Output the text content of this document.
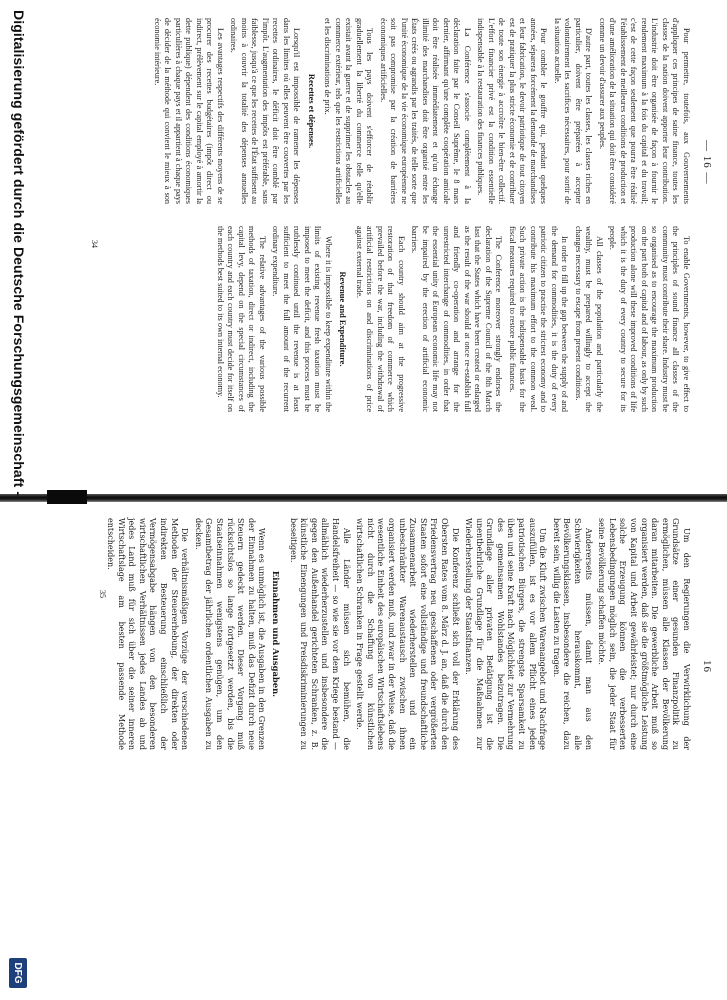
— 16 —

Pour permettre, toutefois, aux Gouvernements d'appliquer ces principes de saine finance, toutes les classes de la nation doivent apporter leur contribution. L'industrie doit être organisée de façon à fournir le rendement maximum à la fois du capital et du travail; c'est de cette façon seulement que pourra être réalisé l'établissement de meilleures conditions de production et d'une amélioration de la situation qui doit être considéré comme un devoir d'assurer aux peuples.

D'autre part, toutes les classes, les classes riches en particulier, doivent être préparées à accepter volontairement les sacrifices nécessaires, pour sortir de la situation actuelle.

Pour combler le gouffre qui, pendant quelques années, séparera forcément la demande de marchandises et leur fabrication, le devoir patriotique de tout citoyen est de pratiquer la plus stricte économie et de contribuer de toute son énergie à accroître le bien-être collectif. L'effort financier privé est la condition essentielle indispensable à la restauration des finances publiques.

La Conférence s'associe complètement à la déclaration faite par le Conseil Suprême, le 8 mars dernier, affirmant qu'une complète coopération amicale doit être réalisée immédiatement et qu'un échange illimité des marchandises doit être organisé entre les États créés ou agrandis par les traités, de telle sorte que l'unité économique de la vie économique européenne ne soit pas compromise par la création de barrières économiques artificielles.

Tous les pays doivent s'efforcer de rétablir graduellement la liberté du commerce telle qu'elle existait avant la guerre et de supprimer les obstacles au commerce extérieur, tels que les restrictions artificielles et les discriminations de prix.

Recettes et dépenses.

Lorsqu'il est impossible de ramener les dépenses dans les limites où elles peuvent être couvertes par les recettes ordinaires, le déficit doit être comblé par l'impôt. L'augmentation des impôts est préférable, sans faiblesse, jusqu'à ce que les recettes de l'État suffisent au moins à couvrir la totalité des dépenses annuelles ordinaires.

Les avantages respectifs des différents moyens de se procurer des recettes budgétaires (impôt direct ou indirect, prélèvement sur le capital employé à amortir la dette publique) dépendent des conditions économiques particulières à chaque pays et il appartient à chaque pays de décider de la méthode qui convient le mieux à son économie intérieure.

To enable Governments, however, to give effect to the principles of sound finance all classes of the community must contribute their share. Industry must be so organised as to encourage the maximum production on the part both of capital and of labour, as only by such production alone will these improved conditions of life which it is the duty of every country to secure for its people.

All classes of the population and particularly the wealthy, must be prepared willingly to accept the changes necessary to escape from present conditions.

In order to fill up the gap between the supply of and the demand for commodities, it is the duty of every patriotic citizen to practise the strictest economy and to contribute his maximum effort to the common weal. Such private action is the indispensable basis for the fiscal measures required to restore public finances.

The Conference moreover strongly endorses the declaration of the Supreme Council of the 8th March last that the States which have been created or enlarged as the result of the war should at once re-establish full and friendly co-operation and arrange for the unrestricted interchange of commodities, in order that the essential unity of European economic life may not be impaired by the erection of artificial economic barriers.

Each country should aim at the progressive restoration of that freedom of commerce which prevailed before the war, including the withdrawal of artificial restrictions on and discriminations of price against external trade.

Revenue and Expenditure.

Where it is impossible to keep expenditure within the limits of existing revenue fresh taxation must be imposed to meet the deficit, and this process must be ruthlessly continued until the revenue is at least sufficient to meet the full amount of the recurrent ordinary expenditure.

The relative advantages of the various possible methods of taxation, direct or indirect, including the capital levy, depend on the special circumstances of each country and each country must decide for itself on the methods best suited to its own internal economy.

34
16

Um den Regierungen die Verwirklichung der Grundsätze einer gesunden Finanzpolitik zu ermöglichen, müssen alle Klassen der Bevölkerung daran mitarbeiten. Die gewerbliche Arbeit muß so organisiert werden, daß sie die größtmögliche Leistung von Kapital und Arbeit gewährleistet; nur durch eine solche Erzeugung können die verbesserten Lebensbedingungen möglich sein, die jeder Staat für seine Bevölkerung schaffen möchte.

Andererseits müssen, damit man aus den Schwierigkeiten herauskommt, alle Bevölkerungsklassen, insbesondere die reichen, dazu bereit sein, willig die Lasten zu tragen.

Um die Kluft zwischen Warenangebot und Nachfrage auszufüllen, ist es vor allem Pflicht eines jeden patriotischen Bürgers, die strengste Sparsamkeit zu üben und seine Kraft nach Möglichkeit zur Vermehrung des gemeinsamen Wohlstandes beizutragen. Die Grundlage aller privaten Betätigung ist die unentbehrliche Grundlage für die Maßnahmen zur Wiederherstellung der Staatsfinanzen.

Die Konferenz schließt sich voll der Erklärung des Obersten Rates vom 8. März d. J. an, daß die durch den Friedensvertrag neu geschaffenen oder vergrößerten Staaten sofort eine vollständige und freundschaftliche Zusammenarbeit wiederherstellen und ein unbeschränkter Warenaustausch zwischen ihnen organisiert werden muß, und zwar in der Weise, daß die wesentliche Einheit des europäischen Wirtschaftslebens nicht durch die Schaffung von künstlichen wirtschaftlichen Schranken in Frage gestellt werde.

Alle Länder müssen sich bemühen, die Handelsfreiheit — so wie sie vor dem Kriege bestand — allmählich wiederherzustellen und insbesondere die gegen den Außenhandel gerichteten Schranken, z. B. künstliche Einengungen und Preisdiskriminierungen zu beseitigen.

Einnahmen und Ausgaben.

Wenn es unmöglich ist, die Ausgaben in den Grenzen der Einnahmen zu halten, muß das Defizit durch neue Steuern gedeckt werden. Dieser Vorgang muß rücksichtslos so lange fortgesetzt werden, bis die Staatseinnahmen wenigstens genügen, um den Gesamtbetrag der jährlichen ordentlichen Ausgaben zu decken.

Die verhältnismäßigen Vorzüge der verschiedenen Methoden der Steuererhebung, der direkten oder indirekten Besteuerung einschließlich der Vermögensabgabe hängen von den besonderen wirtschaftlichen Verhältnissen jedes Landes ab und jedes Land muß für sich über die seiner inneren Wirtschaftslage am besten passende Methode entscheiden.

35
Digitalisierung gefördert durch die Deutsche Forschungsgemeinschaft -
DFG
